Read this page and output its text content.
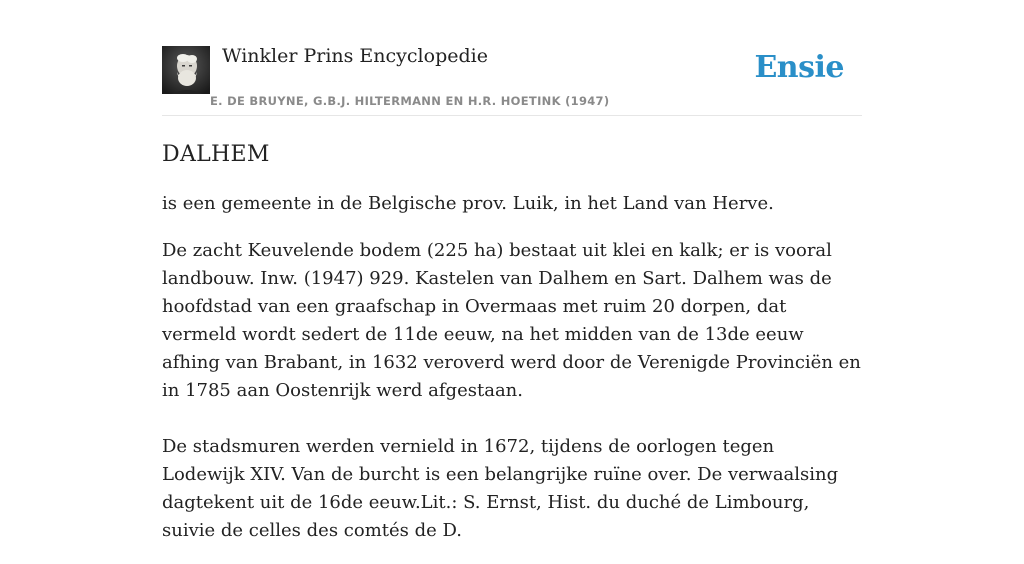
Winkler Prins Encyclopedie
E. DE BRUYNE, G.B.J. HILTERMANN EN H.R. HOETINK (1947)
Ensie
DALHEM

is een gemeente in de Belgische prov. Luik, in het Land van Herve.

De zacht Keuvelende bodem (225 ha) bestaat uit klei en kalk; er is vooral landbouw. Inw. (1947) 929. Kastelen van Dalhem en Sart. Dalhem was de hoofdstad van een graafschap in Overmaas met ruim 20 dorpen, dat vermeld wordt sedert de 11de eeuw, na het midden van de 13de eeuw afhing van Brabant, in 1632 veroverd werd door de Verenigde Provinciën en in 1785 aan Oostenrijk werd afgestaan.

De stadsmuren werden vernield in 1672, tijdens de oorlogen tegen Lodewijk XIV. Van de burcht is een belangrijke ruïne over. De verwaalsing dagtekent uit de 16de eeuw.Lit.: S. Ernst, Hist. du duché de Limbourg, suivie de celles des comtés de D.
